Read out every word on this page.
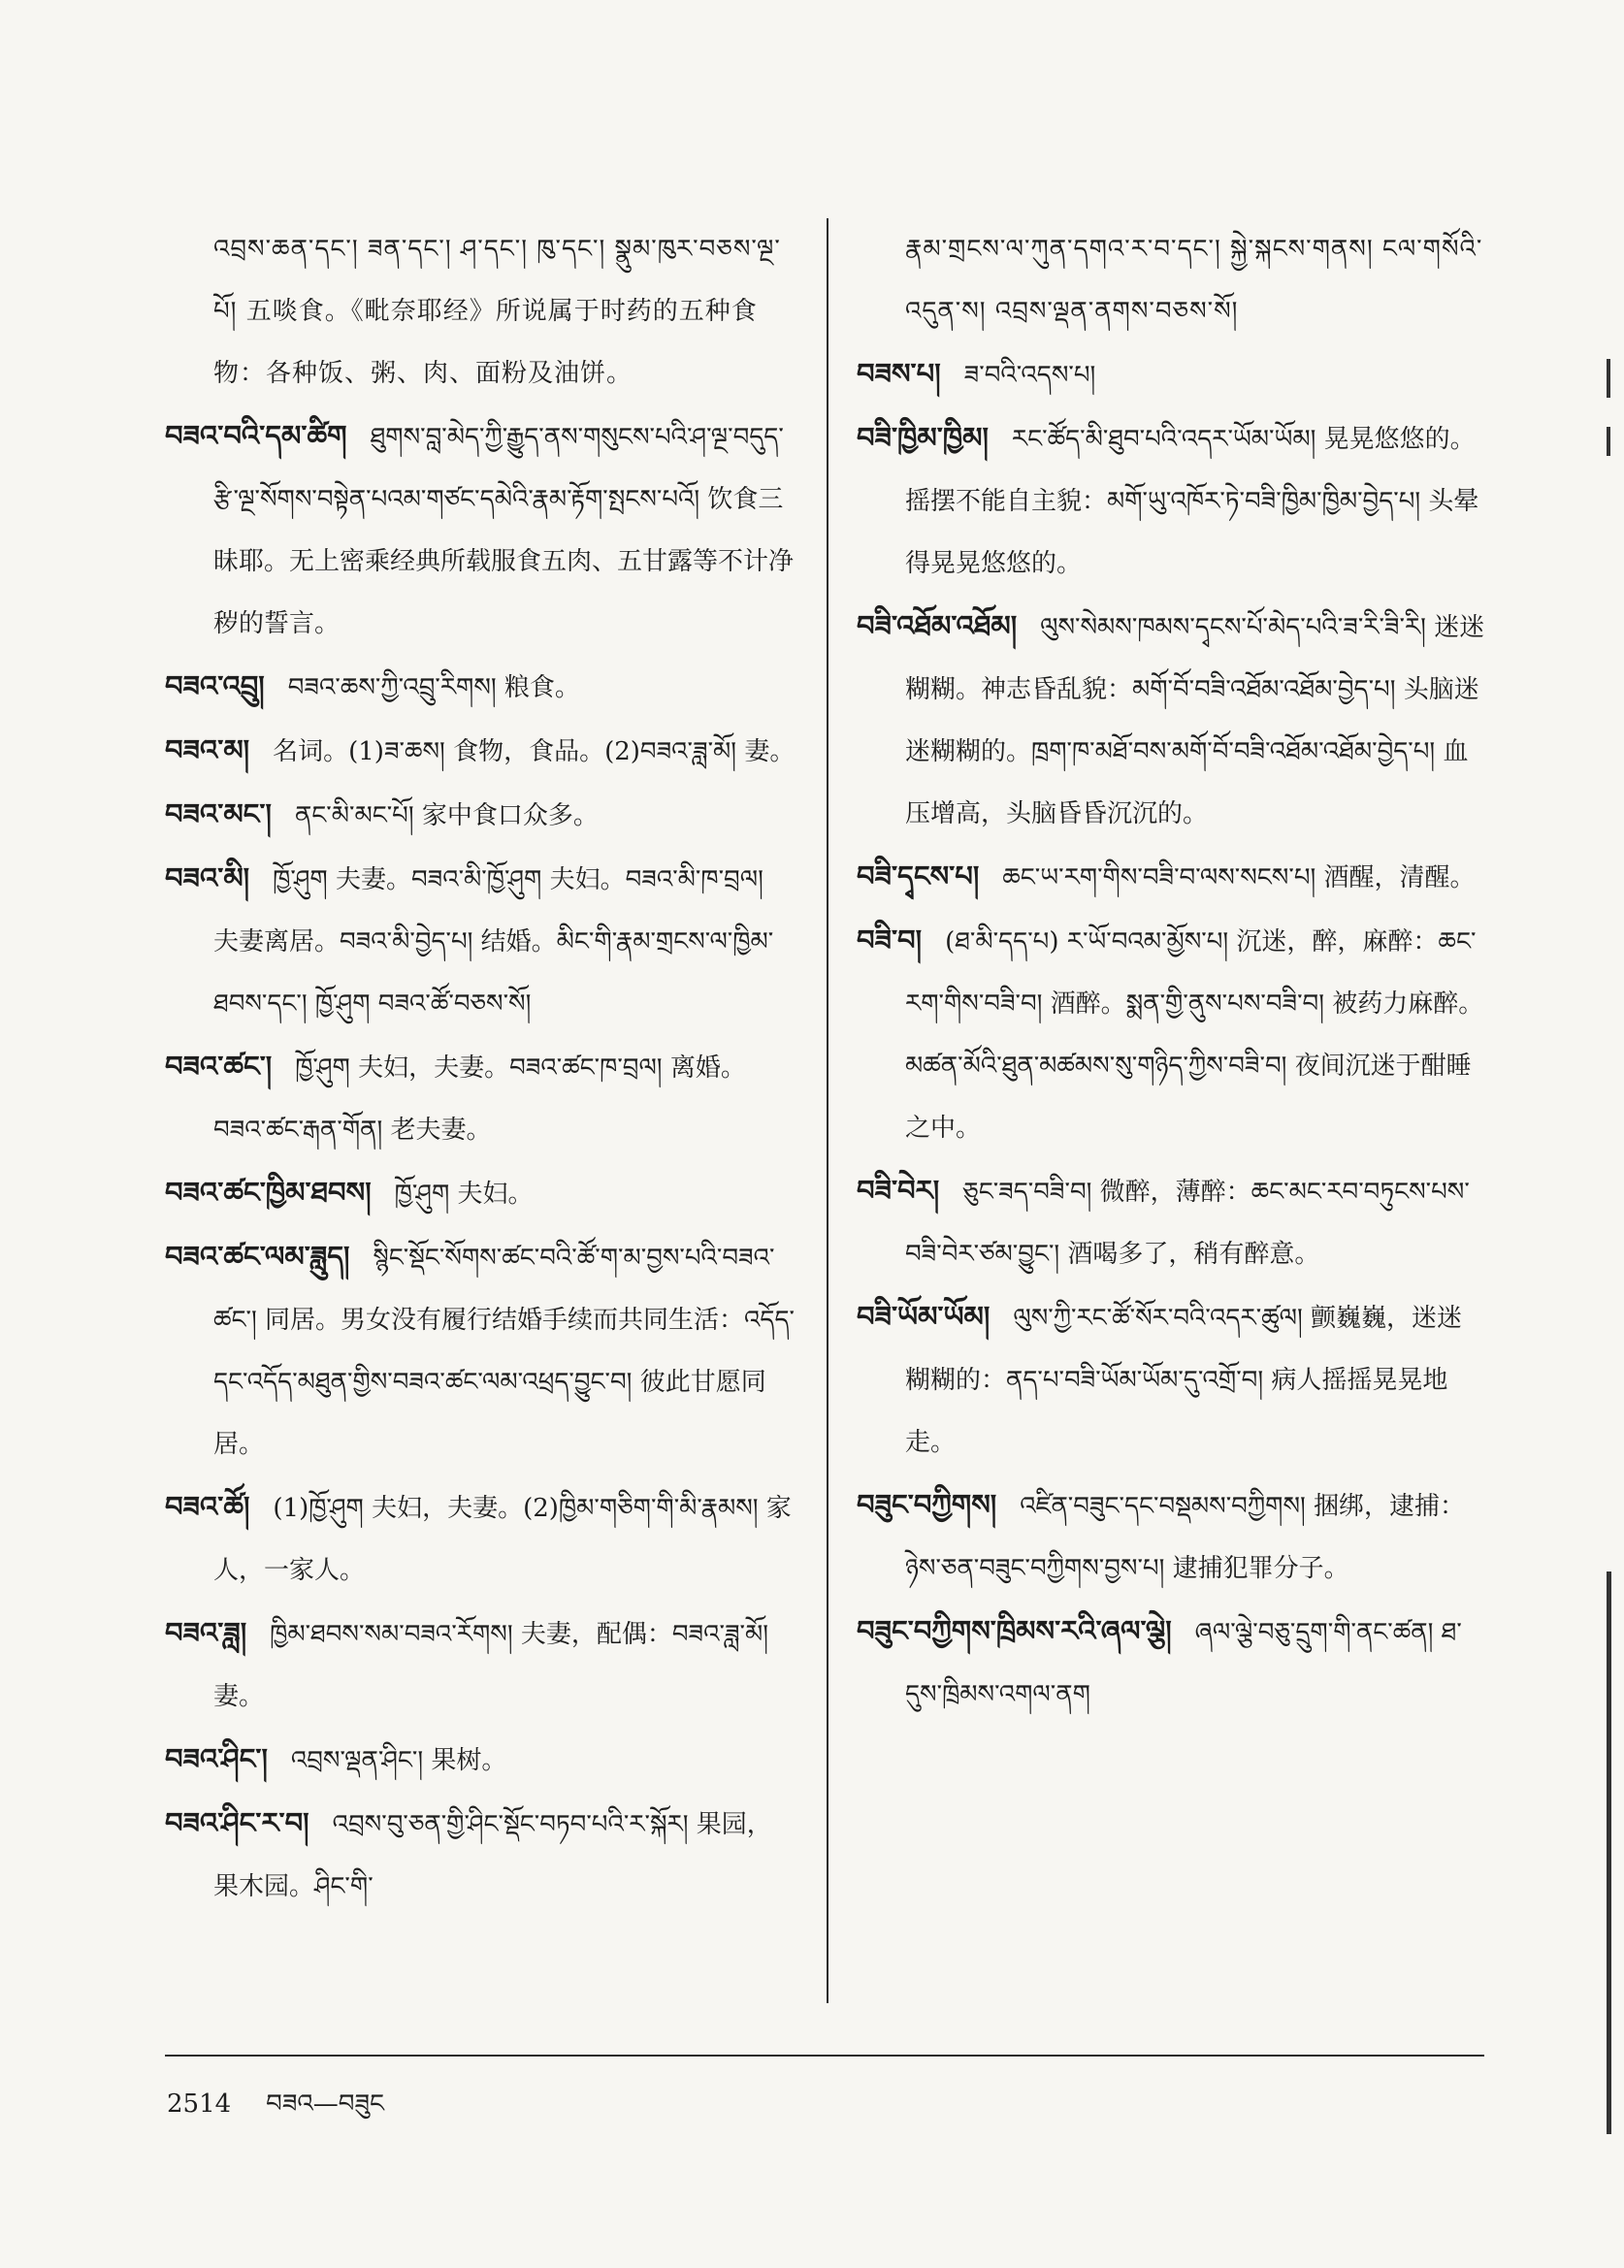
འབྲས་ཆན་དང་། ཟན་དང་། ཤ་དང་། ཁུ་དང་། སྣུམ་ཁུར་བཅས་ལྔ་པོ། 五啖食。《毗奈耶经》所说属于时药的五种食物：各种饭、粥、肉、面粉及油饼。

བཟའ་བའི་དམ་ཚིག ཐུགས་བླ་མེད་ཀྱི་རྒྱུད་ནས་གསུངས་པའི་ཤ་ལྔ་བདུད་རྩི་ལྔ་སོགས་བསྟེན་པའམ་གཙང་དམེའི་རྣམ་རྟོག་སྤངས་པའོ། 饮食三昧耶。无上密乘经典所载服食五肉、五甘露等不计净秽的誓言。

བཟའ་འབྲུ། བཟའ་ཆས་ཀྱི་འབྲུ་རིགས། 粮食。

བཟའ་མ། 名词。(1)ཟ་ཆས། 食物，食品。(2)བཟའ་ཟླ་མོ། 妻。

བཟའ་མང་། ནང་མི་མང་པོ། 家中食口众多。

བཟའ་མི། ཁྱོ་ཤུག 夫妻。བཟའ་མི་ཁྱོ་ཤུག 夫妇。བཟའ་མི་ཁ་བྲལ། 夫妻离居。བཟའ་མི་བྱེད་པ། 结婚。མིང་གི་རྣམ་གྲངས་ལ་ཁྱིམ་ཐབས་དང་། ཁྱོ་ཤུག བཟའ་ཚོ་བཅས་སོ།

བཟའ་ཚང་། ཁྱོ་ཤུག 夫妇，夫妻。བཟའ་ཚང་ཁ་བྲལ། 离婚。བཟའ་ཚང་རྒན་གོན། 老夫妻。

བཟའ་ཚང་ཁྱིམ་ཐབས། ཁྱོ་ཤུག 夫妇。

བཟའ་ཚང་ལམ་ཟླུད། སྙིང་སྡོང་སོགས་ཚང་བའི་ཚོ་ག་མ་བྱས་པའི་བཟའ་ཚང་། 同居。男女没有履行结婚手续而共同生活：འདོད་དང་འདོད་མཐུན་གྱིས་བཟའ་ཚང་ལམ་འཕྲད་བྱུང་བ། 彼此甘愿同居。

བཟའ་ཚོ། (1)ཁྱོ་ཤུག 夫妇，夫妻。(2)ཁྱིམ་གཅིག་གི་མི་རྣམས། 家人，一家人。

བཟའ་ཟླ། ཁྱིམ་ཐབས་སམ་བཟའ་རོགས། 夫妻，配偶：བཟའ་ཟླ་མོ། 妻。

བཟའ་ཤིང་། འབྲས་ལྡན་ཤིང་། 果树。

བཟའ་ཤིང་ར་བ། འབྲས་བུ་ཅན་གྱི་ཤིང་སྡོང་བཏབ་པའི་ར་སྐོར། 果园，果木园。ཤིང་གི་

རྣམ་གྲངས་ལ་ཀུན་དགའ་ར་བ་དང་། སྐྱེ་སྐངས་གནས། ངལ་གསོའི་འདུན་ས། འབྲས་ལྡན་ནགས་བཅས་སོ།

བཟས་པ། ཟ་བའི་འདས་པ།

བཟི་ཁྱིམ་ཁྱིམ། རང་ཚོད་མི་ཐུབ་པའི་འདར་ཡོམ་ཡོམ། 晃晃悠悠的。摇摆不能自主貌：མགོ་ཡུ་འཁོར་ཏེ་བཟི་ཁྱིམ་ཁྱིམ་བྱེད་པ། 头晕得晃晃悠悠的。

བཟི་འཐོམ་འཐོམ། ལུས་སེམས་ཁམས་དྭངས་པོ་མེད་པའི་ཟ་རི་ཟི་རི། 迷迷糊糊。神志昏乱貌：མགོ་བོ་བཟི་འཐོམ་འཐོམ་བྱེད་པ། 头脑迷迷糊糊的。ཁྲག་ཁ་མཐོ་བས་མགོ་བོ་བཟི་འཐོམ་འཐོམ་བྱེད་པ། 血压增高，头脑昏昏沉沉的。

བཟི་དྭངས་པ། ཆང་ཡ་རག་གིས་བཟི་བ་ལས་སངས་པ། 酒醒，清醒。

བཟི་བ། (ཐ་མི་དད་པ) ར་ཡོ་བའམ་མྱོས་པ། 沉迷，醉，麻醉：ཆང་རག་གིས་བཟི་བ། 酒醉。སྨན་གྱི་ནུས་པས་བཟི་བ། 被药力麻醉。མཚན་མོའི་ཐུན་མཚམས་སུ་གཉིད་ཀྱིས་བཟི་བ། 夜间沉迷于酣睡之中。

བཟི་བེར། ཅུང་ཟད་བཟི་བ། 微醉，薄醉：ཆང་མང་རབ་བཏུངས་པས་བཟི་བེར་ཙམ་བྱུང་། 酒喝多了，稍有醉意。

བཟི་ཡོམ་ཡོམ། ལུས་ཀྱི་རང་ཚོ་སོར་བའི་འདར་ཚུལ། 颤巍巍，迷迷糊糊的：ནད་པ་བཟི་ཡོམ་ཡོམ་དུ་འགྲོ་བ། 病人摇摇晃晃地走。

བཟུང་བཀྱིགས། འཛིན་བཟུང་དང་བསྡམས་བཀྱིགས། 捆绑，逮捕：ཉེས་ཅན་བཟུང་བཀྱིགས་བྱས་པ། 逮捕犯罪分子。

བཟུང་བཀྱིགས་ཁྲིམས་རའི་ཞལ་ལྕེ། ཞལ་ལྕེ་བཅུ་དྲུག་གི་ནང་ཚན། ཐ་དུས་ཁྲིམས་འགལ་ནག

2514 བཟའ—བཟུང
